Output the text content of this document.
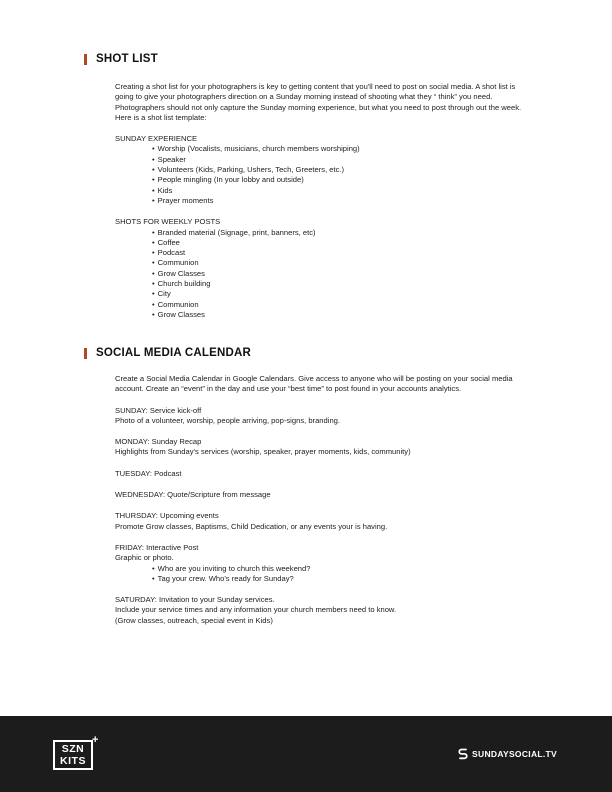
SHOT LIST

Creating a shot list for your photographers is key to getting content that you'll need to post on social media. A shot list is going to give your photographers direction on a Sunday morning instead of shooting what they “ think” you need. Photographers should not only capture the Sunday morning experience, but what you need to post through out the week. Here is a shot list template:

SUNDAY EXPERIENCE

• Worship (Vocalists, musicians, church members worshiping)
• Speaker
• Volunteers (Kids, Parking, Ushers, Tech, Greeters, etc.)
• People mingling (In your lobby and outside)
• Kids
• Prayer moments

SHOTS FOR WEEKLY POSTS

• Branded material (Signage, print, banners, etc)
• Coffee
• Podcast
• Communion
• Grow Classes
• Church building
• City
• Communion
• Grow Classes
SOCIAL MEDIA CALENDAR

Create a Social Media Calendar in Google Calendars. Give access to anyone who will be posting on your social media account. Create an “event” in the day and use your “best time” to post found in your accounts analytics.

SUNDAY: Service kick-off
Photo of a volunteer, worship, people arriving, pop-signs, branding.
MONDAY: Sunday Recap
Highlights from Sunday's services (worship, speaker, prayer moments, kids, community)
TUESDAY: Podcast
WEDNESDAY: Quote/Scripture from message
THURSDAY: Upcoming events
Promote Grow classes, Baptisms, Child Dedication, or any events your is having.
FRIDAY: Interactive Post
Graphic or photo.
• Who are you inviting to church this weekend?
• Tag your crew. Who's ready for Sunday?
SATURDAY: Invitation to your Sunday services.
Include your service times and any information your church members need to know.
(Grow classes, outreach, special event in Kids)
SZN
KITS
+
SUNDAYSOCIAL.TV
